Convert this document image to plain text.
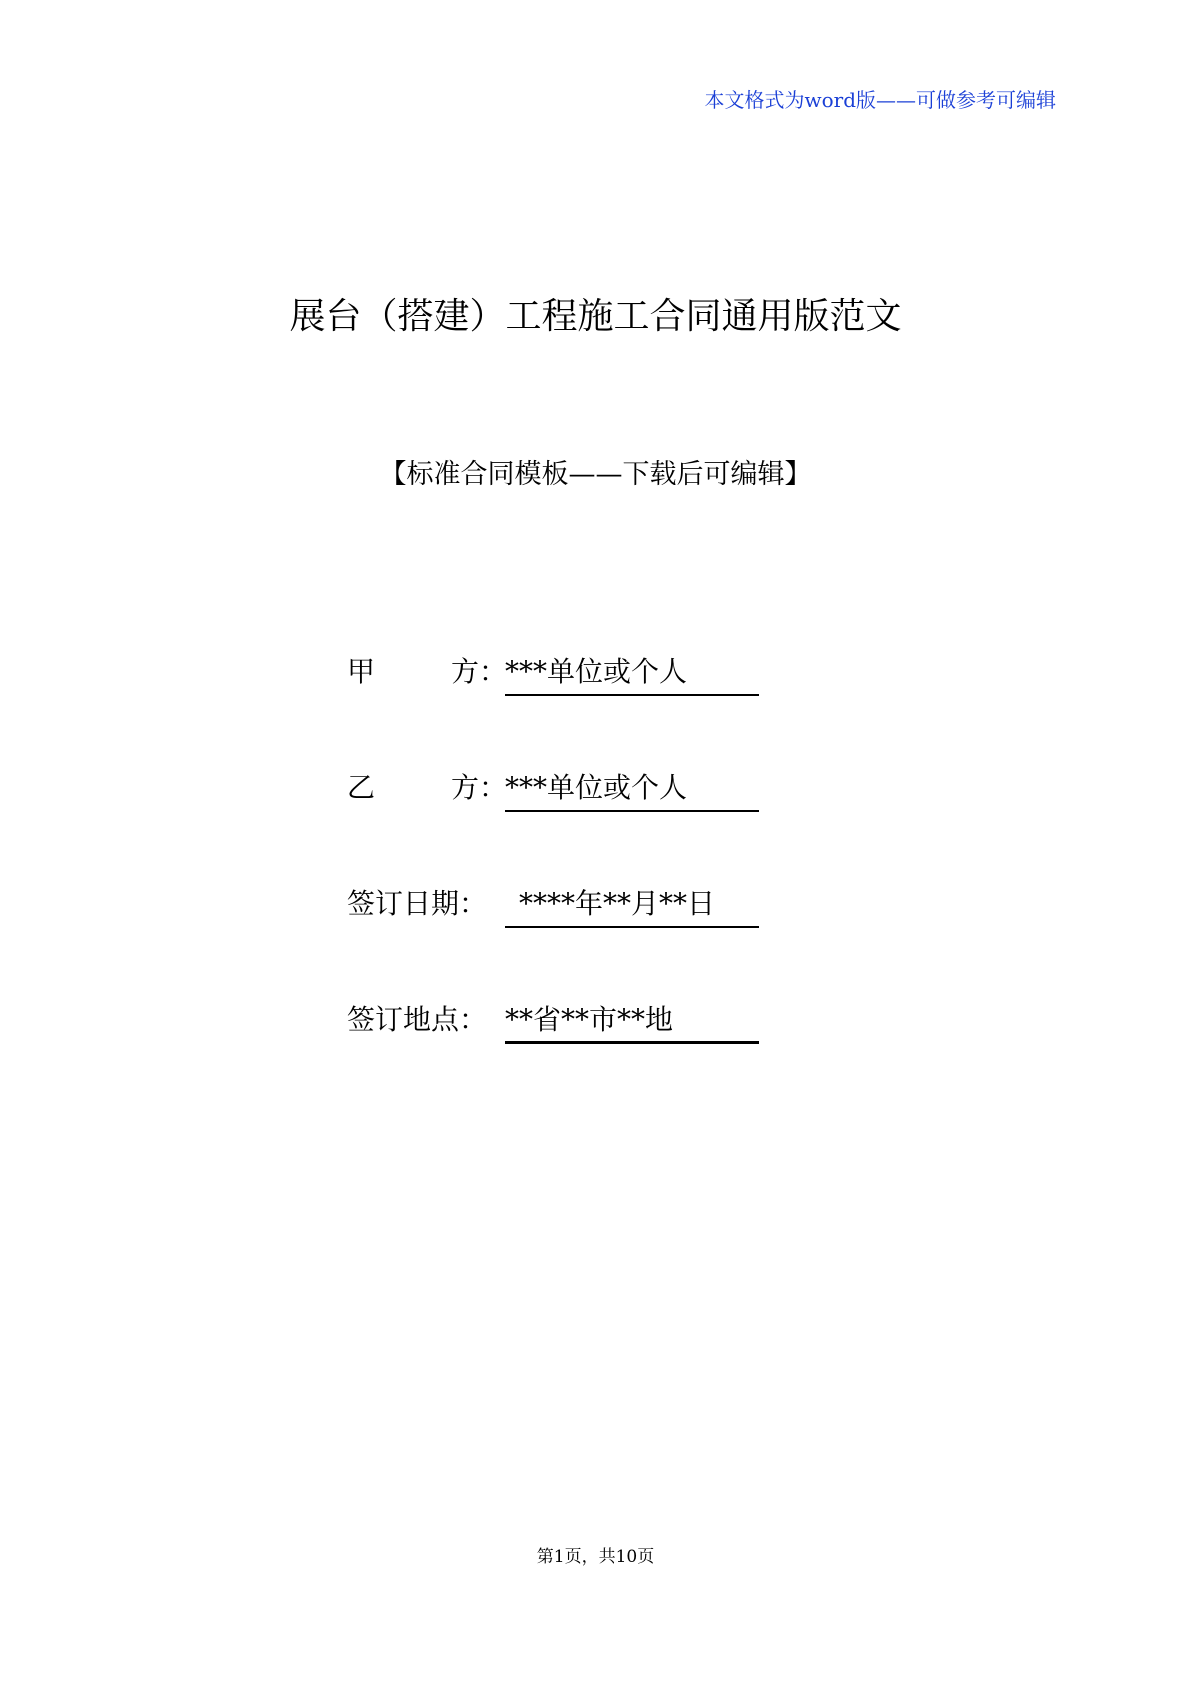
本文格式为word版——可做参考可编辑
展台（搭建）工程施工合同通用版范文
【标准合同模板——下载后可编辑】
甲	方：
***单位或个人
乙	方：
***单位或个人
签订日期：	****年**月**日
签订地点： **省**市**地
第1页，共10页
